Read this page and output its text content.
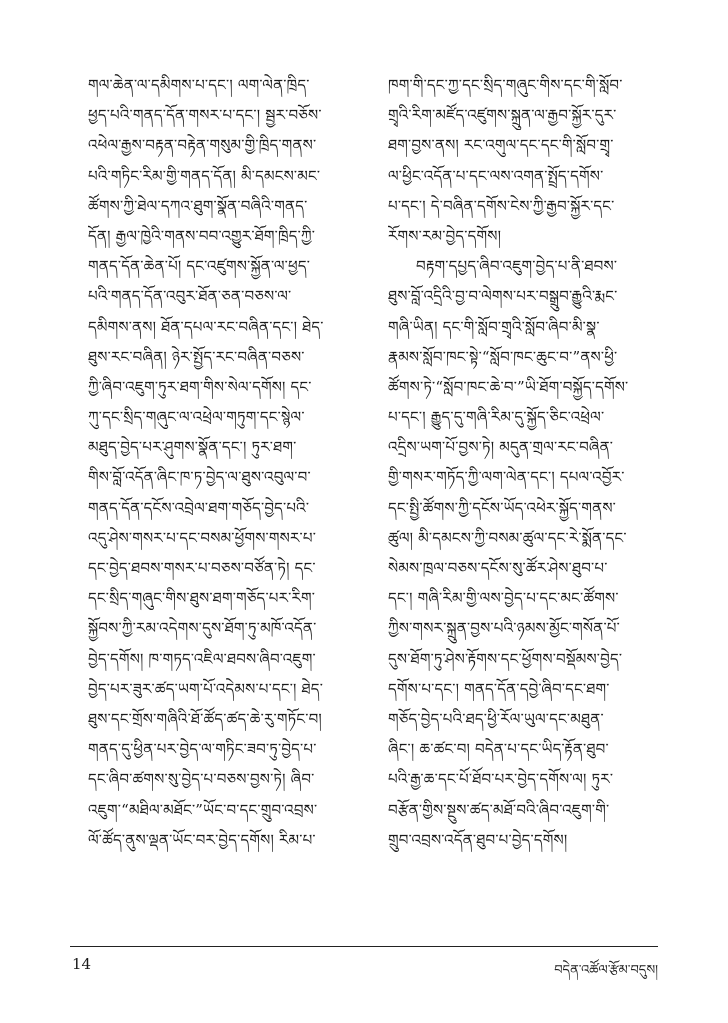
གལ་ཆེན་ལ་དམིགས་པ་དང་། ལག་ལེན་ཁྲིད་
ཕྱད་པའི་གནད་དོན་གསར་པ་དང་། སྦྱར་བཅོས་
འཕེལ་རྒྱས་བརྟན་བརྟེན་གསུམ་གྱི་ཁྲིད་གནས་
པའི་གཏིང་རིམ་གྱི་གནད་དོན། མི་དམངས་མང་
ཚོགས་ཀྱི་ཐེལ་དཀའ་ཐུག་སྣོན་བཞིའི་གནད་
དོན། རྒྱལ་ཁྱེའི་གནས་བབ་འགྱུར་ཐོག་ཁྲིད་ཀྱི་
གནད་དོན་ཆེན་པོ། དང་འཛུགས་སྐྱོན་ལ་ཕྱད་
པའི་གནད་དོན་འབུར་ཐོན་ཅན་བཅས་ལ་
དམིགས་ནས། ཐོན་དཔལ་རང་བཞིན་དང་། ཐེད་
ཐུས་རང་བཞིན། ཉེར་སྤྱོད་རང་བཞིན་བཅས་
ཀྱི་ཞིབ་འཇུག་ཏུར་ཐག་གིས་སེལ་དགོས། དང་
ཀུ་དང་སྲིད་གཞུང་ལ་འཕྲེལ་གཏུག་དང་སྙེལ་
མཐུད་བྱེད་པར་ཤུགས་སྣོན་དང་། ཏུར་ཐག་
གིས་བློ་འདོན་ཞིང་ཁ་ཏ་བྱེད་ལ་ཐུས་འབུལ་བ་
གནད་དོན་དངོས་འབྲེལ་ཐག་གཅོད་བྱེད་པའི་
འདུ་ཤེས་གསར་པ་དང་བསམ་ཕྱོགས་གསར་པ་
དང་བྱེད་ཐབས་གསར་པ་བཅས་བཙོན་ཏེ། དང་
དང་སྲིད་གཞུང་གིས་ཐུས་ཐག་གཅོད་པར་རིག་
སྐྱོབས་ཀྱི་རམ་འདེགས་དུས་ཐོག་ཏུ་མཁོ་འདོན་
བྱེད་དགོས། ཁ་གཏད་འཇིལ་ཐབས་ཞིབ་འཇུག་
བྱེད་པར་ཟུར་ཚད་ཡག་པོ་འདེམས་པ་དང་། ཐེད་
ཐུས་དང་གྲོས་གཞིའི་ཐོ་ཚོད་ཚད་ཆེ་རུ་གཏོང་བ།
གནད་དུ་ཕྱིན་པར་བྱེད་ལ་གཏིང་ཟབ་ཏུ་བྱེད་པ་
དང་ཞིབ་ཚགས་སུ་བྱེད་པ་བཅས་བྱས་ཏེ། ཞིབ་
འཇུག་“མཐིལ་མཐོང་”ཡོང་བ་དང་གྲུབ་འབྲས་
ལོ་ཚོད་ནུས་ལྡན་ཡོང་བར་བྱེད་དགོས། རིམ་པ་
ཁག་གི་དང་ཀྱ་དང་སྲིད་གཞུང་གིས་དང་གི་སློབ་
གྲྭའི་རིག་མཛོད་འཛུགས་སྐྲུན་ལ་རྒྱབ་སྐྱོར་དུར་
ཐག་བྱས་ནས། རང་འགུལ་དང་དང་གི་སློབ་གྲྭ་
ལ་ཕྱིང་འདོན་པ་དང་ལས་འགན་སྤྲོད་དགོས་
པ་དང་། དེ་བཞིན་དགོས་ངེས་ཀྱི་རྒྱབ་སྐྱོར་དང་
རོགས་རམ་བྱེད་དགོས།
བརྟག་དཔྱད་ཞིབ་འཇུག་བྱེད་པ་ནི་ཐབས་
ཐུས་བློ་འདྲིའི་བྱ་བ་ལེགས་པར་བསྒྲུབ་རྒྱུའི་རྨང་
གཞི་ཡིན། དང་གི་སློབ་གྲྭའི་སློབ་ཞིབ་མི་སྣ་
རྣམས་སློབ་ཁང་སྟེ་“སློབ་ཁང་ཆུང་བ་”ནས་ཕྱི་
ཚོགས་ཏེ་“སློབ་ཁང་ཆེ་བ་”ཡི་ཐོག་བསྐྱོད་དགོས་
པ་དང་། རྒྱུད་དུ་གཞི་རིམ་དུ་སྐྱོད་ཅིང་འཕྲེལ་
འདྲིས་ཡག་པོ་བྱས་ཏེ། མདུན་གྲལ་རང་བཞིན་
གྱི་གསར་གཏོད་ཀྱི་ལག་ལེན་དང་། དཔལ་འབྱོར་
དང་སྤྱི་ཚོགས་ཀྱི་དངོས་ཡོད་འཕེར་སྐྱོད་གནས་
ཚུལ། མི་དམངས་ཀྱི་བསམ་ཚུལ་དང་རེ་སྨོན་དང་
སེམས་ཁྲལ་བཅས་དངོས་སུ་ཚོར་ཤེས་ཐུབ་པ་
དང་། གཞི་རིམ་གྱི་ལས་བྱེད་པ་དང་མང་ཚོགས་
ཀྱིས་གསར་སྐྲུན་བྱས་པའི་ཉམས་མྱོང་གསོན་པོ་
དུས་ཐོག་ཏུ་ཤེས་རྟོགས་དང་ཕྱོགས་བསྡོམས་བྱེད་
དགོས་པ་དང་། གནད་དོན་དབྱེ་ཞིབ་དང་ཐག་
གཅོད་བྱེད་པའི་ཐད་ཕྱི་རོལ་ཡུལ་དང་མཐུན་
ཞིང་། ཆ་ཚང་བ། བདེན་པ་དང་ཡིད་རྟོན་ཐུབ་
པའི་རྒྱ་ཆ་དང་པོ་ཐོབ་པར་བྱེད་དགོས་ལ། ཏུར་
བརྩོན་གྱིས་སྔུས་ཚད་མཐོ་བའི་ཞིབ་འཇུག་གི་
གྲུབ་འབྲས་འདོན་ཐུབ་པ་བྱེད་དགོས།
14	བདེན་འཚོལ་རྩོམ་བདུས།
